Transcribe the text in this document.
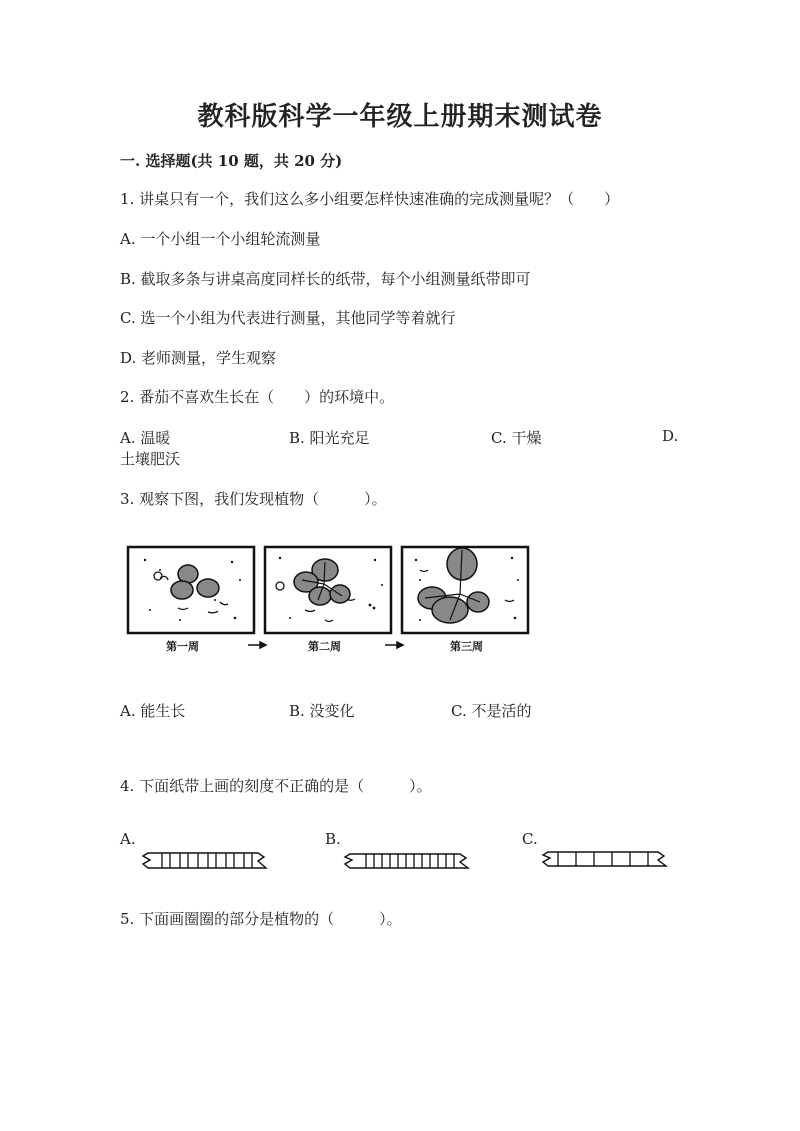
教科版科学一年级上册期末测试卷
一. 选择题(共 10 题，共 20 分)
1. 讲桌只有一个，我们这么多小组要怎样快速准确的完成测量呢？（　　）
A. 一个小组一个小组轮流测量
B. 截取多条与讲桌高度同样长的纸带，每个小组测量纸带即可
C. 选一个小组为代表进行测量，其他同学等着就行
D. 老师测量，学生观察
2. 番茄不喜欢生长在（　　）的环境中。
A. 温暖	B. 阳光充足	C. 干燥	D.
土壤肥沃
3. 观察下图，我们发现植物（　　　）。
第一周	第二周	第三周
A. 能生长	B. 没变化	C. 不是活的
4. 下面纸带上画的刻度不正确的是（　　　）。
A.	B.	C.
5. 下面画圈圈的部分是植物的（　　　）。
